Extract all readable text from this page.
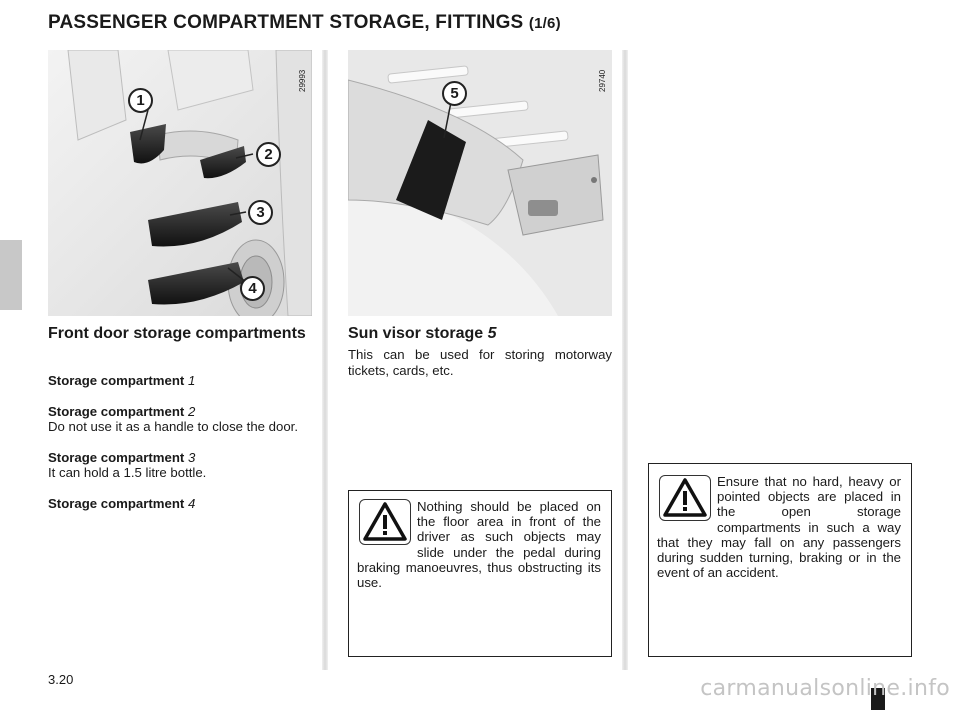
PASSENGER COMPARTMENT STORAGE, FITTINGS (1/6)
29993
1
2
3
4
29740
5
Front door storage compartments
Storage compartment 1
Storage compartment 2
Do not use it as a handle to close the door.
Storage compartment 3
It can hold a 1.5 litre bottle.
Storage compartment 4
Sun visor storage 5
This can be used for storing motorway tickets, cards, etc.
Nothing should be placed on the floor area in front of the driver as such objects may slide under the pedal during braking manoeuvres, thus obstructing its use.
Ensure that no hard, heavy or pointed objects are placed in the open storage compartments in such a way that they may fall on any passengers during sudden turning, braking or in the event of an accident.
3.20	carmanualsonline.info
